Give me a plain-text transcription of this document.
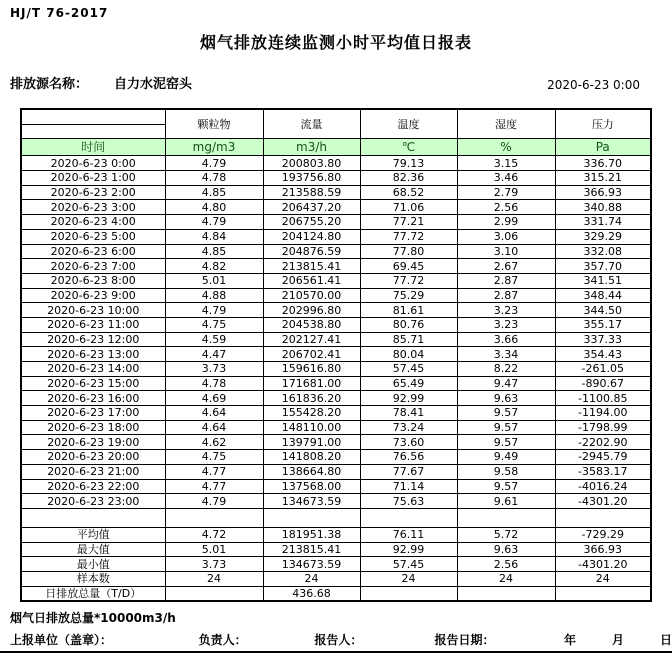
HJ/T 76-2017
烟气排放连续监测小时平均值日报表
排放源名称： 自力水泥窑头	2020-6-23 0:00
	颗粒物	流量	温度	湿度	压力

时间	mg/m3	m3/h	℃	%	Pa
2020-6-23 0:00	4.79	200803.80	79.13	3.15	336.70
2020-6-23 1:00	4.78	193756.80	82.36	3.46	315.21
2020-6-23 2:00	4.85	213588.59	68.52	2.79	366.93
2020-6-23 3:00	4.80	206437.20	71.06	2.56	340.88
2020-6-23 4:00	4.79	206755.20	77.21	2.99	331.74
2020-6-23 5:00	4.84	204124.80	77.72	3.06	329.29
2020-6-23 6:00	4.85	204876.59	77.80	3.10	332.08
2020-6-23 7:00	4.82	213815.41	69.45	2.67	357.70
2020-6-23 8:00	5.01	206561.41	77.72	2.87	341.51
2020-6-23 9:00	4.88	210570.00	75.29	2.87	348.44
2020-6-23 10:00	4.79	202996.80	81.61	3.23	344.50
2020-6-23 11:00	4.75	204538.80	80.76	3.23	355.17
2020-6-23 12:00	4.59	202127.41	85.71	3.66	337.33
2020-6-23 13:00	4.47	206702.41	80.04	3.34	354.43
2020-6-23 14:00	3.73	159616.80	57.45	8.22	-261.05
2020-6-23 15:00	4.78	171681.00	65.49	9.47	-890.67
2020-6-23 16:00	4.69	161836.20	92.99	9.63	-1100.85
2020-6-23 17:00	4.64	155428.20	78.41	9.57	-1194.00
2020-6-23 18:00	4.64	148110.00	73.24	9.57	-1798.99
2020-6-23 19:00	4.62	139791.00	73.60	9.57	-2202.90
2020-6-23 20:00	4.75	141808.20	76.56	9.49	-2945.79
2020-6-23 21:00	4.77	138664.80	77.67	9.58	-3583.17
2020-6-23 22:00	4.77	137568.00	71.14	9.57	-4016.24
2020-6-23 23:00	4.79	134673.59	75.63	9.61	-4301.20

平均值	4.72	181951.38	76.11	5.72	-729.29
最大值	5.01	213815.41	92.99	9.63	366.93
最小值	3.73	134673.59	57.45	2.56	-4301.20
样本数	24	24	24	24	24
日排放总量（T/D）		436.68			
烟气日排放总量*10000m3/h
上报单位（盖章）：	负责人：	报告人：	报告日期：	年	月	日
